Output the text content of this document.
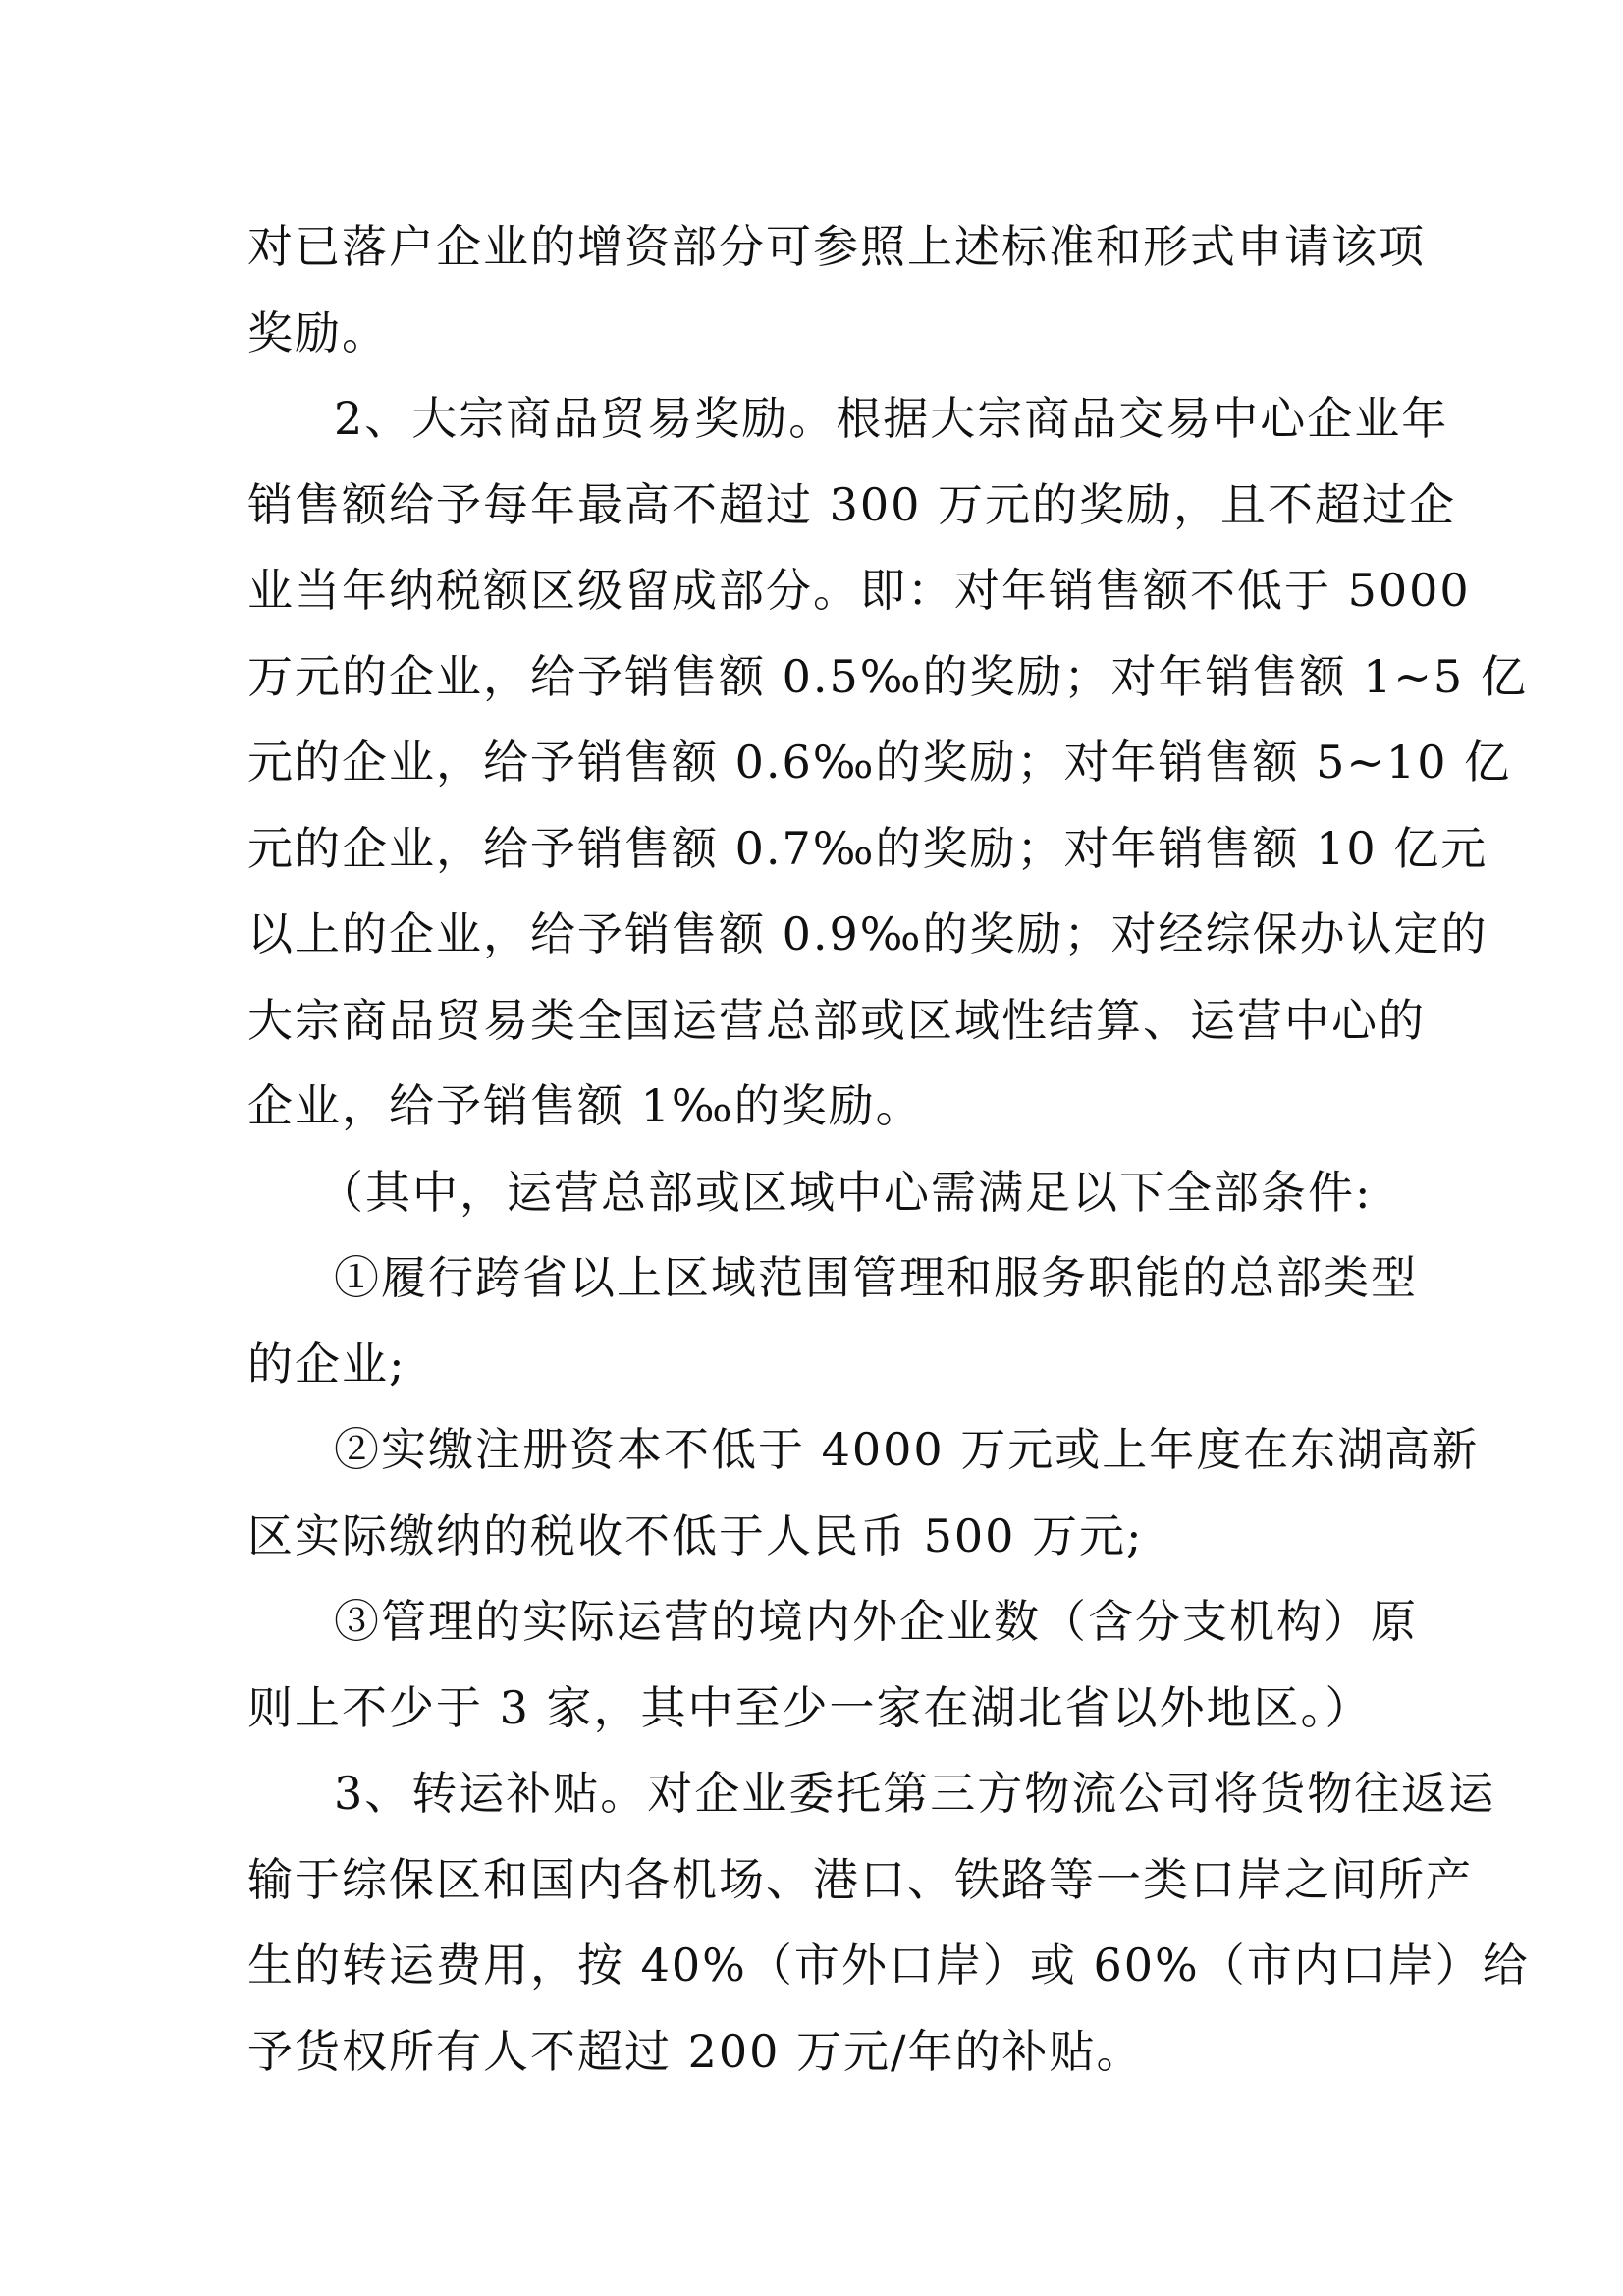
对已落户企业的增资部分可参照上述标准和形式申请该项
奖励。
2、大宗商品贸易奖励。根据大宗商品交易中心企业年
销售额给予每年最高不超过 300 万元的奖励，且不超过企
业当年纳税额区级留成部分。即：对年销售额不低于 5000
万元的企业，给予销售额 0.5‰的奖励；对年销售额 1~5 亿
元的企业，给予销售额 0.6‰的奖励；对年销售额 5~10 亿
元的企业，给予销售额 0.7‰的奖励；对年销售额 10 亿元
以上的企业，给予销售额 0.9‰的奖励；对经综保办认定的
大宗商品贸易类全国运营总部或区域性结算、运营中心的
企业，给予销售额 1‰的奖励。
（其中，运营总部或区域中心需满足以下全部条件:
①履行跨省以上区域范围管理和服务职能的总部类型
的企业;
②实缴注册资本不低于 4000 万元或上年度在东湖高新
区实际缴纳的税收不低于人民币 500 万元;
③管理的实际运营的境内外企业数（含分支机构）原
则上不少于 3 家，其中至少一家在湖北省以外地区。）
3、转运补贴。对企业委托第三方物流公司将货物往返运
输于综保区和国内各机场、港口、铁路等一类口岸之间所产
生的转运费用，按 40%（市外口岸）或 60%（市内口岸）给
予货权所有人不超过 200 万元/年的补贴。
